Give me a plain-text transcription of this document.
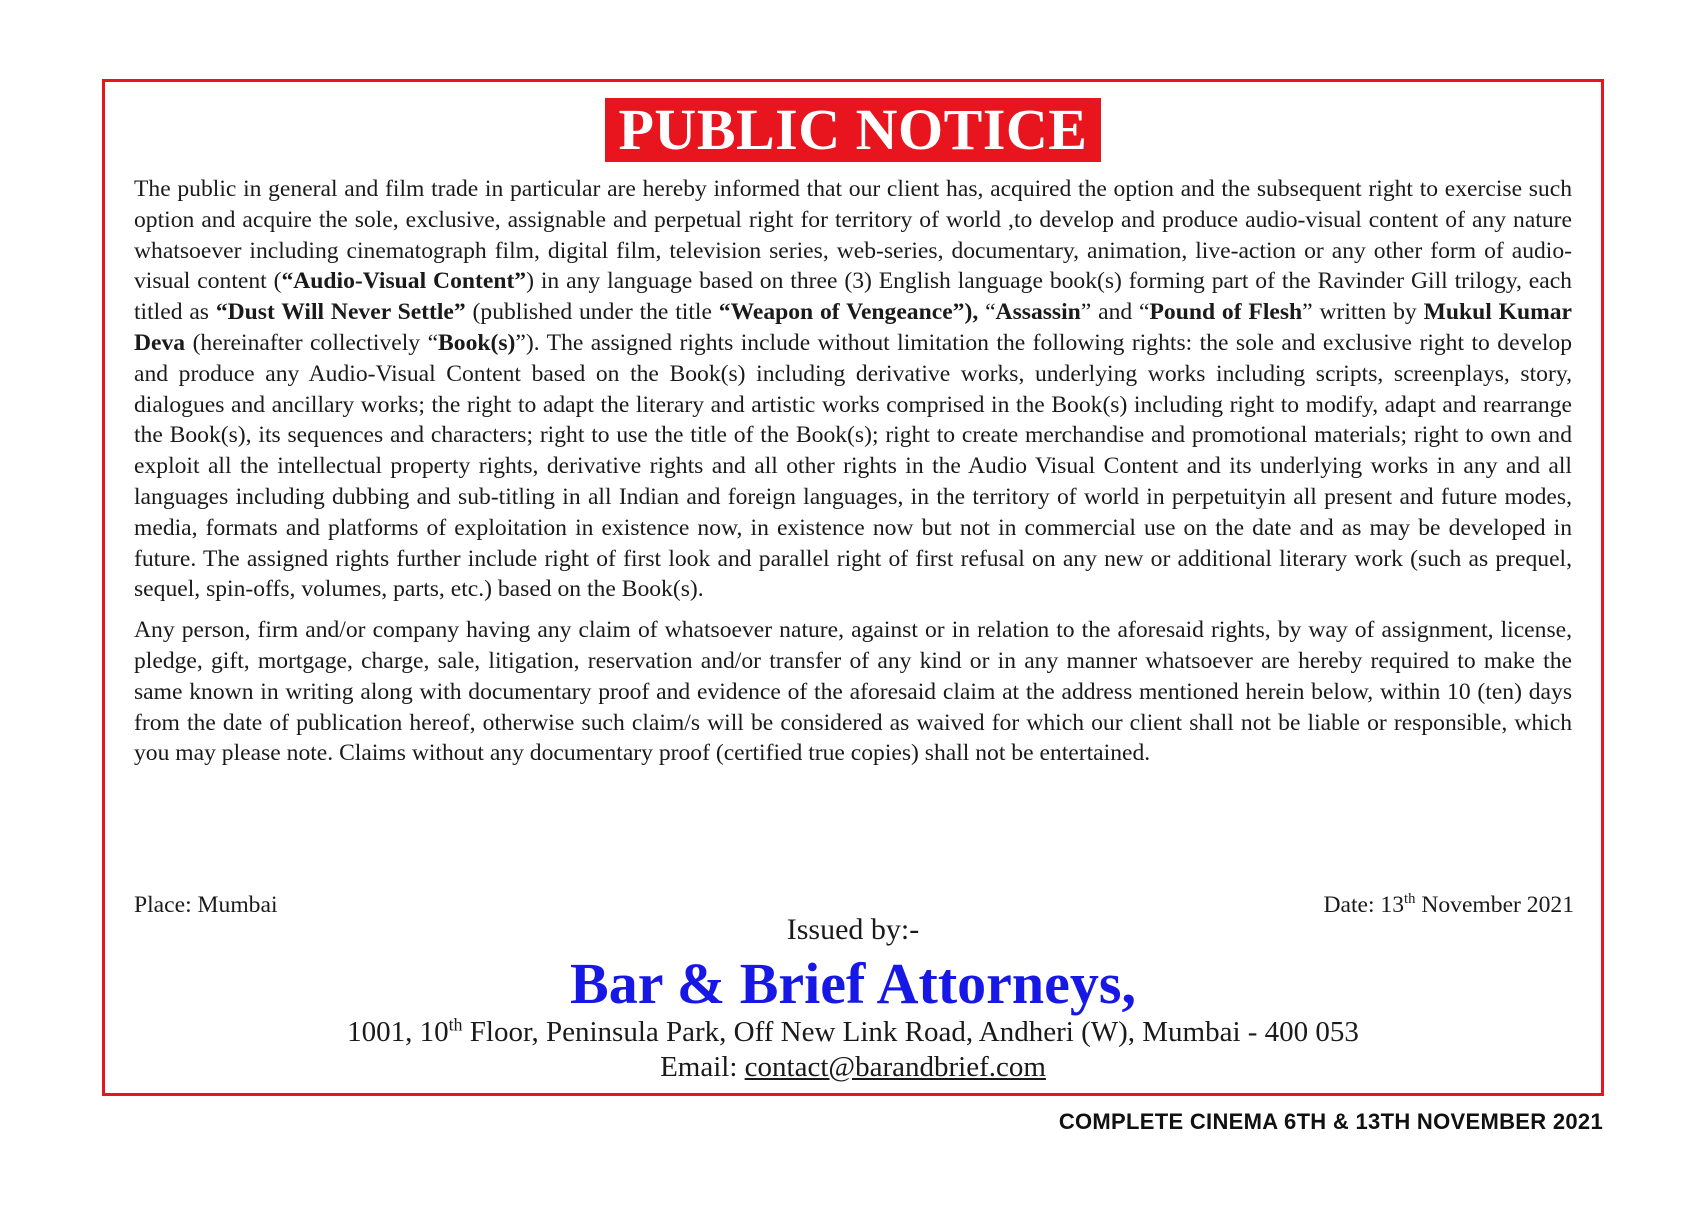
PUBLIC NOTICE

The public in general and film trade in particular are hereby informed that our client has, acquired the option and the subsequent right to exercise such option and acquire the sole, exclusive, assignable and perpetual right for territory of world ,to develop and produce audio-visual content of any nature whatsoever including cinematograph film, digital film, television series, web-series, documentary, animation, live-action or any other form of audio-visual content (“Audio-Visual Content”) in any language based on three (3) English language book(s) forming part of the Ravinder Gill trilogy, each titled as “Dust Will Never Settle” (published under the title “Weapon of Vengeance”), “Assassin” and “Pound of Flesh” written by Mukul Kumar Deva (hereinafter collectively “Book(s)”). The assigned rights include without limitation the following rights: the sole and exclusive right to develop and produce any Audio-Visual Content based on the Book(s) including derivative works, underlying works including scripts, screenplays, story, dialogues and ancillary works; the right to adapt the literary and artistic works comprised in the Book(s) including right to modify, adapt and rearrange the Book(s), its sequences and characters; right to use the title of the Book(s); right to create merchandise and promotional materials; right to own and exploit all the intellectual property rights, derivative rights and all other rights in the Audio Visual Content and its underlying works in any and all languages including dubbing and sub-titling in all Indian and foreign languages, in the territory of world in perpetuityin all present and future modes, media, formats and platforms of exploitation in existence now, in existence now but not in commercial use on the date and as may be developed in future. The assigned rights further include right of first look and parallel right of first refusal on any new or additional literary work (such as prequel, sequel, spin-offs, volumes, parts, etc.) based on the Book(s).

Any person, firm and/or company having any claim of whatsoever nature, against or in relation to the aforesaid rights, by way of assignment, license, pledge, gift, mortgage, charge, sale, litigation, reservation and/or transfer of any kind or in any manner whatsoever are hereby required to make the same known in writing along with documentary proof and evidence of the aforesaid claim at the address mentioned herein below, within 10 (ten) days from the date of publication hereof, otherwise such claim/s will be considered as waived for which our client shall not be liable or responsible, which you may please note. Claims without any documentary proof (certified true copies) shall not be entertained.

Place: Mumbai	Date: 13th November 2021
Issued by:-
Bar & Brief Attorneys,
1001, 10th Floor, Peninsula Park, Off New Link Road, Andheri (W), Mumbai - 400 053
Email: contact@barandbrief.com
COMPLETE CINEMA 6TH & 13TH NOVEMBER 2021
